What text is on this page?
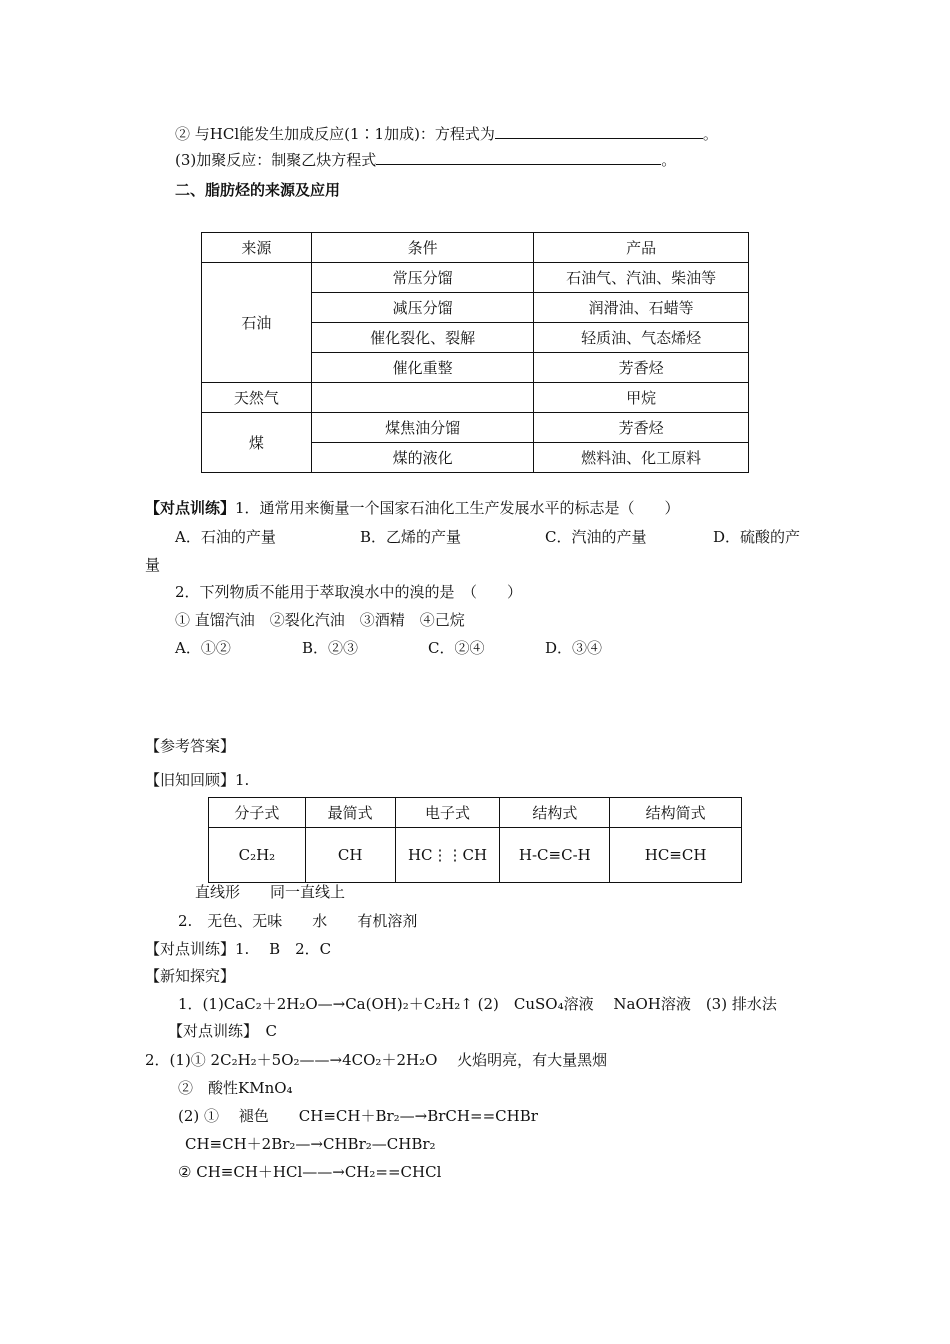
② 与HCl能发生加成反应(1∶1加成)：方程式为	。
(3)加聚反应：制聚乙炔方程式	。
二、脂肪烃的来源及应用
来源	条件	产品
石油	常压分馏	石油气、汽油、柴油等
	减压分馏	润滑油、石蜡等
	催化裂化、裂解	轻质油、气态烯烃
	催化重整	芳香烃
天然气		甲烷
煤	煤焦油分馏	芳香烃
	煤的液化	燃料油、化工原料
【对点训练】1．通常用来衡量一个国家石油化工生产发展水平的标志是（　　）
A．石油的产量	B．乙烯的产量	C．汽油的产量	D．硫酸的产
量
2．下列物质不能用于萃取溴水中的溴的是　（　　）
① 直馏汽油　②裂化汽油　③酒精　④己烷
A．①②	B．②③	C．②④	D．③④
【参考答案】
【旧知回顾】1.
分子式	最简式	电子式	结构式	结构简式
C₂H₂	CH	HC⋮⋮CH	H-C≡C-H	HC≡CH
直线形　　同一直线上
2.　无色、无味　　水　　有机溶剂
【对点训练】1.　 B　2．C
【新知探究】
1．(1)CaC₂＋2H₂O—→Ca(OH)₂＋C₂H₂↑ (2)　CuSO₄溶液　 NaOH溶液　(3) 排水法
【对点训练】　C
2．(1)① 2C₂H₂＋5O₂——→4CO₂＋2H₂O　 火焰明亮，有大量黑烟
②　酸性KMnO₄
(2) ①　 褪色　　CH≡CH＋Br₂—→BrCH==CHBr
CH≡CH＋2Br₂—→CHBr₂—CHBr₂
② CH≡CH＋HCl——→CH₂==CHCl
